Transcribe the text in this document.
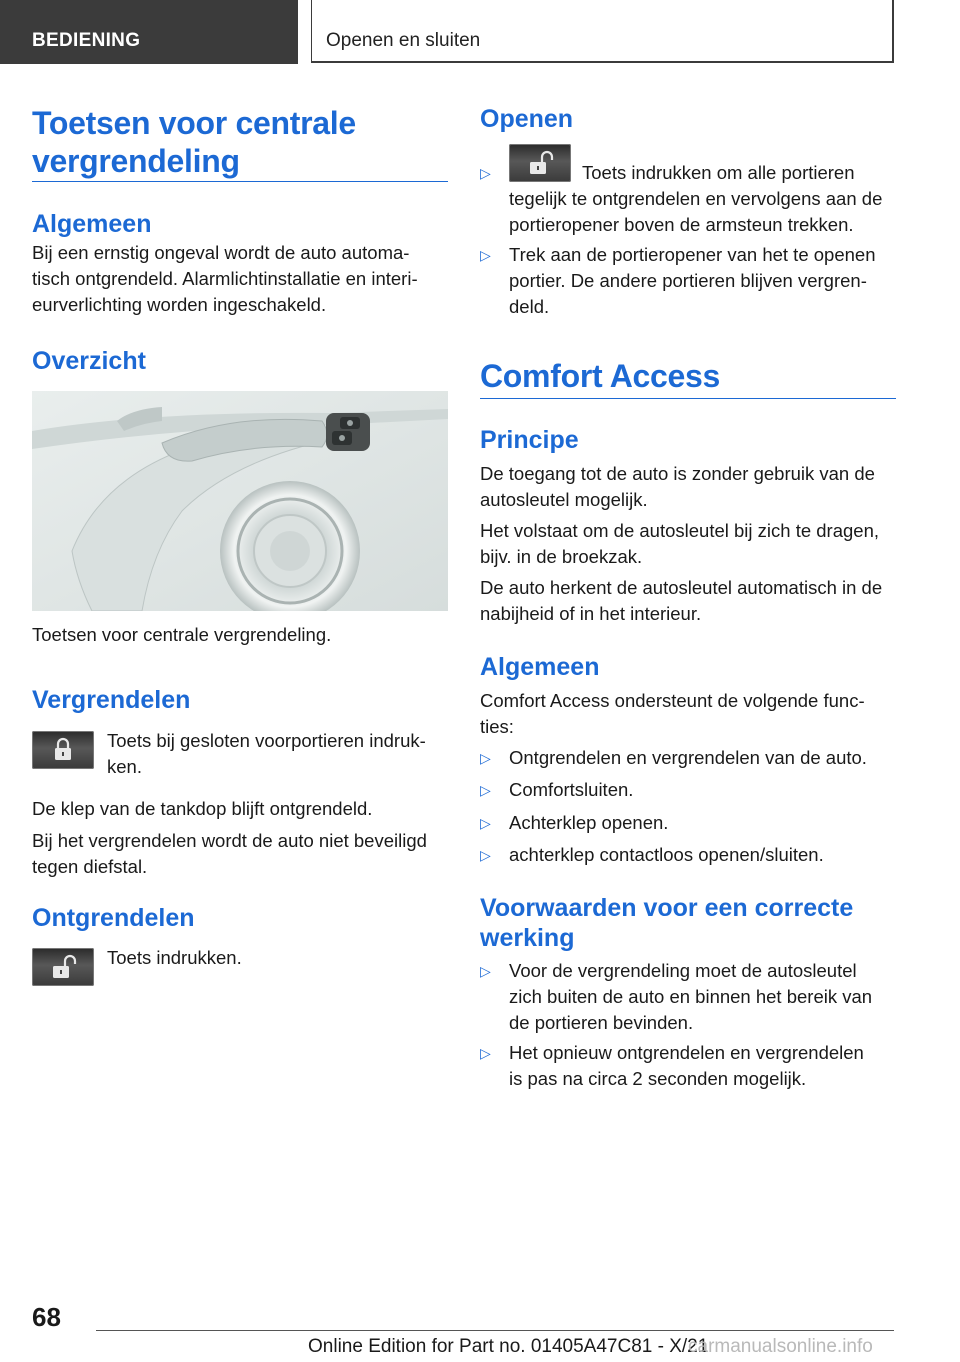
BEDIENING	Openen en sluiten
Toetsen voor centrale
vergrendeling
Algemeen
Bij een ernstig ongeval wordt de auto automa‐
tisch ontgrendeld. Alarmlichtinstallatie en interi‐
eurverlichting worden ingeschakeld.
Overzicht
Toetsen voor centrale vergrendeling.
Vergrendelen
Toets bij gesloten voorportieren indruk‐
ken.
De klep van de tankdop blijft ontgrendeld.
Bij het vergrendelen wordt de auto niet beveiligd
tegen diefstal.
Ontgrendelen
Toets indrukken.
Openen
▷	Toets indrukken om alle portieren
tegelijk te ontgrendelen en vervolgens aan de
portieropener boven de armsteun trekken.
▷ Trek aan de portieropener van het te openen
portier. De andere portieren blijven vergren‐
deld.
Comfort Access
Principe
De toegang tot de auto is zonder gebruik van de
autosleutel mogelijk.
Het volstaat om de autosleutel bij zich te dragen,
bijv. in de broekzak.
De auto herkent de autosleutel automatisch in de
nabijheid of in het interieur.
Algemeen
Comfort Access ondersteunt de volgende func‐
ties:
▷ Ontgrendelen en vergrendelen van de auto.
▷ Comfortsluiten.
▷ Achterklep openen.
▷ achterklep contactloos openen/sluiten.
Voorwaarden voor een correcte
werking
▷ Voor de vergrendeling moet de autosleutel
zich buiten de auto en binnen het bereik van
de portieren bevinden.
▷ Het opnieuw ontgrendelen en vergrendelen
is pas na circa 2 seconden mogelijk.
68
Online Edition for Part no. 01405A47C81 - X/21
carmanualsonline.info
